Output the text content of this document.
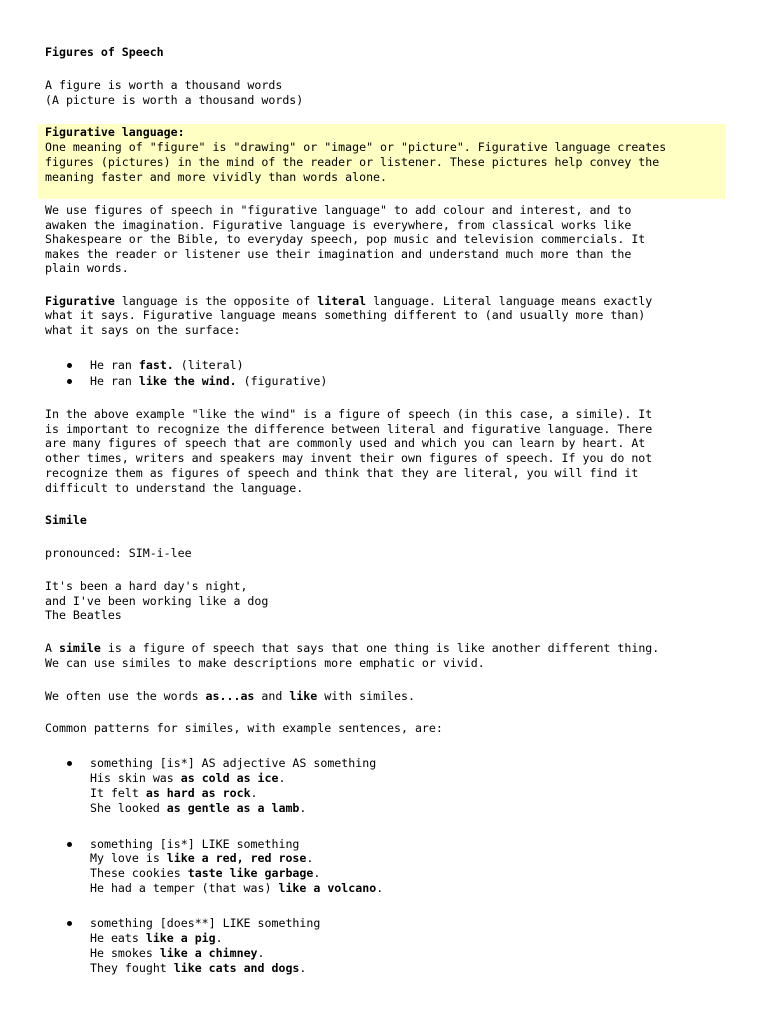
Figures of Speech
A figure is worth a thousand words
(A picture is worth a thousand words)
Figurative language:
One meaning of "figure" is "drawing" or "image" or "picture". Figurative language creates
figures (pictures) in the mind of the reader or listener. These pictures help convey the
meaning faster and more vividly than words alone.
We use figures of speech in "figurative language" to add colour and interest, and to
awaken the imagination. Figurative language is everywhere, from classical works like
Shakespeare or the Bible, to everyday speech, pop music and television commercials. It
makes the reader or listener use their imagination and understand much more than the
plain words.
Figurative language is the opposite of literal language. Literal language means exactly
what it says. Figurative language means something different to (and usually more than)
what it says on the surface:
He ran fast. (literal)
He ran like the wind. (figurative)
In the above example "like the wind" is a figure of speech (in this case, a simile). It
is important to recognize the difference between literal and figurative language. There
are many figures of speech that are commonly used and which you can learn by heart. At
other times, writers and speakers may invent their own figures of speech. If you do not
recognize them as figures of speech and think that they are literal, you will find it
difficult to understand the language.
Simile
pronounced: SIM-i-lee
It's been a hard day's night,
and I've been working like a dog
The Beatles
A simile is a figure of speech that says that one thing is like another different thing.
We can use similes to make descriptions more emphatic or vivid.
We often use the words as...as and like with similes.
Common patterns for similes, with example sentences, are:
something [is*] AS adjective AS something
His skin was as cold as ice.
It felt as hard as rock.
She looked as gentle as a lamb.
something [is*] LIKE something
My love is like a red, red rose.
These cookies taste like garbage.
He had a temper (that was) like a volcano.
something [does**] LIKE something
He eats like a pig.
He smokes like a chimney.
They fought like cats and dogs.
